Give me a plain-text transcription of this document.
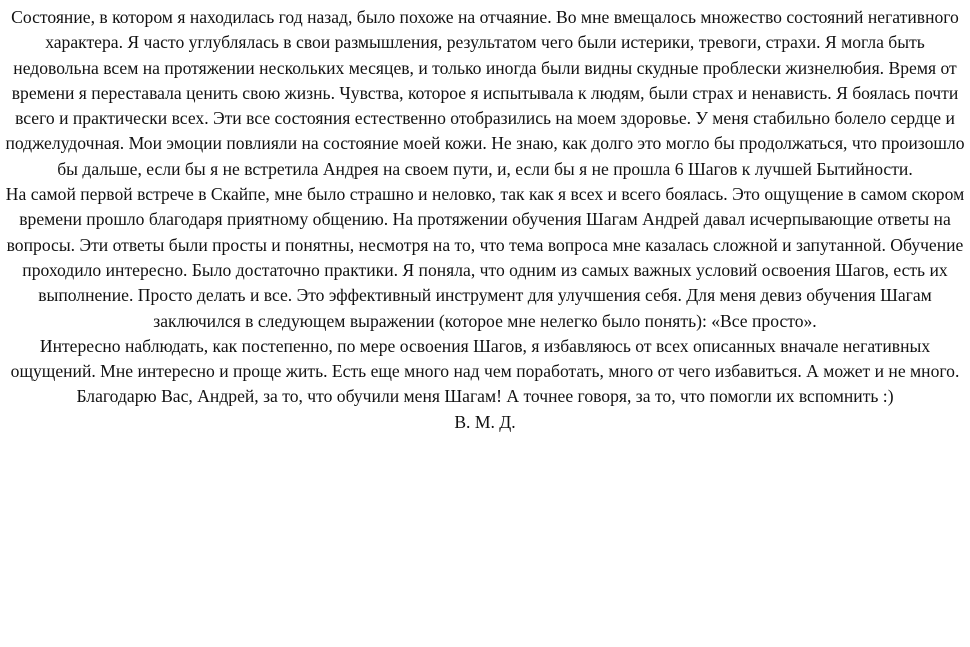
Состояние, в котором я находилась год назад, было похоже на отчаяние. Во мне вмещалось множество состояний негативного характера. Я часто углублялась в свои размышления, результатом чего были истерики, тревоги, страхи. Я могла быть недовольна всем на протяжении нескольких месяцев, и только иногда были видны скудные проблески жизнелюбия. Время от времени я переставала ценить свою жизнь. Чувства, которое я испытывала к людям, были страх и ненависть. Я боялась почти всего и практически всех. Эти все состояния естественно отобразились на моем здоровье. У меня стабильно болело сердце и поджелудочная. Мои эмоции повлияли на состояние моей кожи. Не знаю, как долго это могло бы продолжаться, что произошло бы дальше, если бы я не встретила Андрея на своем пути, и, если бы я не прошла 6 Шагов к лучшей Бытийности.

На самой первой встрече в Скайпе, мне было страшно и неловко, так как я всех и всего боялась. Это ощущение в самом скором времени прошло благодаря приятному общению. На протяжении обучения Шагам Андрей давал исчерпывающие ответы на вопросы. Эти ответы были просты и понятны, несмотря на то, что тема вопроса мне казалась сложной и запутанной. Обучение проходило интересно. Было достаточно практики. Я поняла, что одним из самых важных условий освоения Шагов, есть их выполнение. Просто делать и все. Это эффективный инструмент для улучшения себя. Для меня девиз обучения Шагам заключился в следующем выражении (которое мне нелегко было понять): «Все просто».

Интересно наблюдать, как постепенно, по мере освоения Шагов, я избавляюсь от всех описанных вначале негативных ощущений. Мне интересно и проще жить. Есть еще много над чем поработать, много от чего избавиться. А может и не много.

Благодарю Вас, Андрей, за то, что обучили меня Шагам! А точнее говоря, за то, что помогли их вспомнить :)

В. М. Д.
